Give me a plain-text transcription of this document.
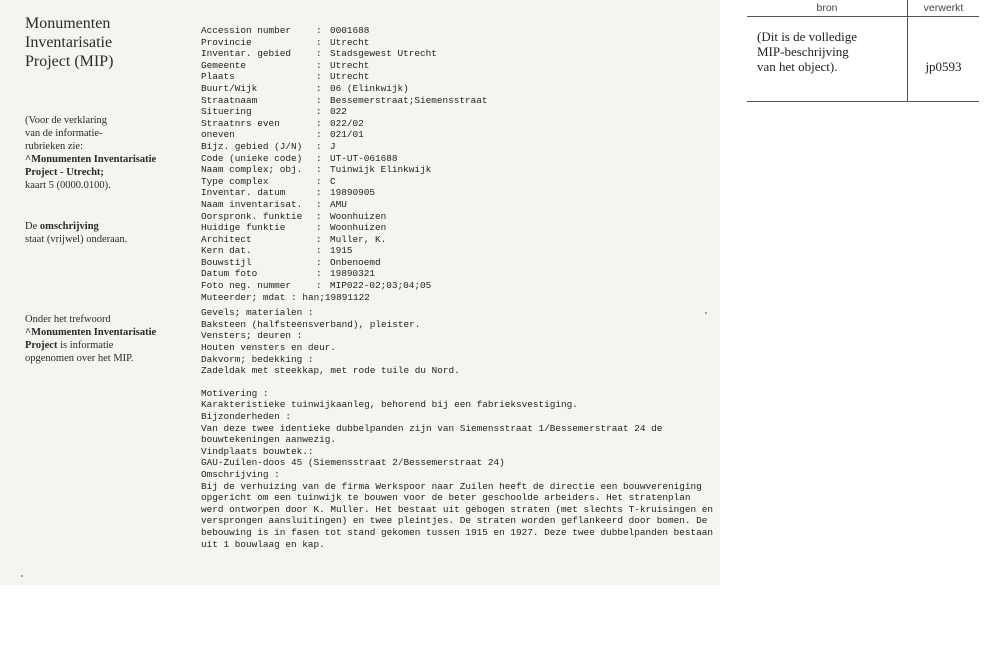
Monumenten
Inventarisatie
Project (MIP)
(Voor de verklaring
van de informatie-
rubrieken zie:
^Monumenten Inventarisatie
Project - Utrecht;
kaart 5 (0000.0100).
De omschrijving
staat (vrijwel) onderaan.
Onder het trefwoord
^Monumenten Inventarisatie
Project is informatie
opgenomen over het MIP.
Accession number	: 0001688
Provincie	: Utrecht
Inventar. gebied	: Stadsgewest Utrecht
Gemeente	: Utrecht
Plaats	: Utrecht
Buurt/Wijk	: 06 (Elinkwijk)
Straatnaam	: Bessemerstraat;Siemensstraat
Situering	: 022
Straatnrs even	: 022/02
oneven	: 021/01
Bijz. gebied (J/N)	: J
Code (unieke code)	: UT-UT-061688
Naam complex; obj.	: Tuinwijk Elinkwijk
Type complex	: C
Inventar. datum	: 19890905
Naam inventarisat.	: AMU
Oorspronk. funktie	: Woonhuizen
Huidige funktie	: Woonhuizen
Architect	: Muller, K.
Kern dat.	: 1915
Bouwstijl	: Onbenoemd
Datum foto	: 19890321
Foto neg. nummer	: MIP022-02;03;04;05
Muteerder; mdat : han;19891122
Gevels; materialen :
Baksteen (halfsteensverband), pleister.
Vensters; deuren :
Houten vensters en deur.
Dakvorm; bedekking :
Zadeldak met steekkap, met rode tuile du Nord.
Motivering :
Karakteristieke tuinwijkaanleg, behorend bij een fabrieksvestiging.
Bijzonderheden :
Van deze twee identieke dubbelpanden zijn van Siemensstraat 1/Bessemerstraat 24 de bouwtekeningen aanwezig.
Vindplaats bouwtek.:
GAU-Zuilen-doos 45 (Siemensstraat 2/Bessemerstraat 24)
Omschrijving :
Bij de verhuizing van de firma Werkspoor naar Zuilen heeft de directie een bouwvereniging opgericht om een tuinwijk te bouwen voor de beter geschoolde arbeiders. Het stratenplan werd ontworpen door K. Muller. Het bestaat uit gebogen straten (met slechts T-kruisingen en versprongen aansluitingen) en twee pleintjes. De straten worden geflankeerd door bomen. De bebouwing is in fasen tot stand gekomen tussen 1915 en 1927. Deze twee dubbelpanden bestaan uit 1 bouwlaag en kap.
bron	verwerkt
(Dit is de volledige
MIP-beschrijving
van het object).	jp0593
